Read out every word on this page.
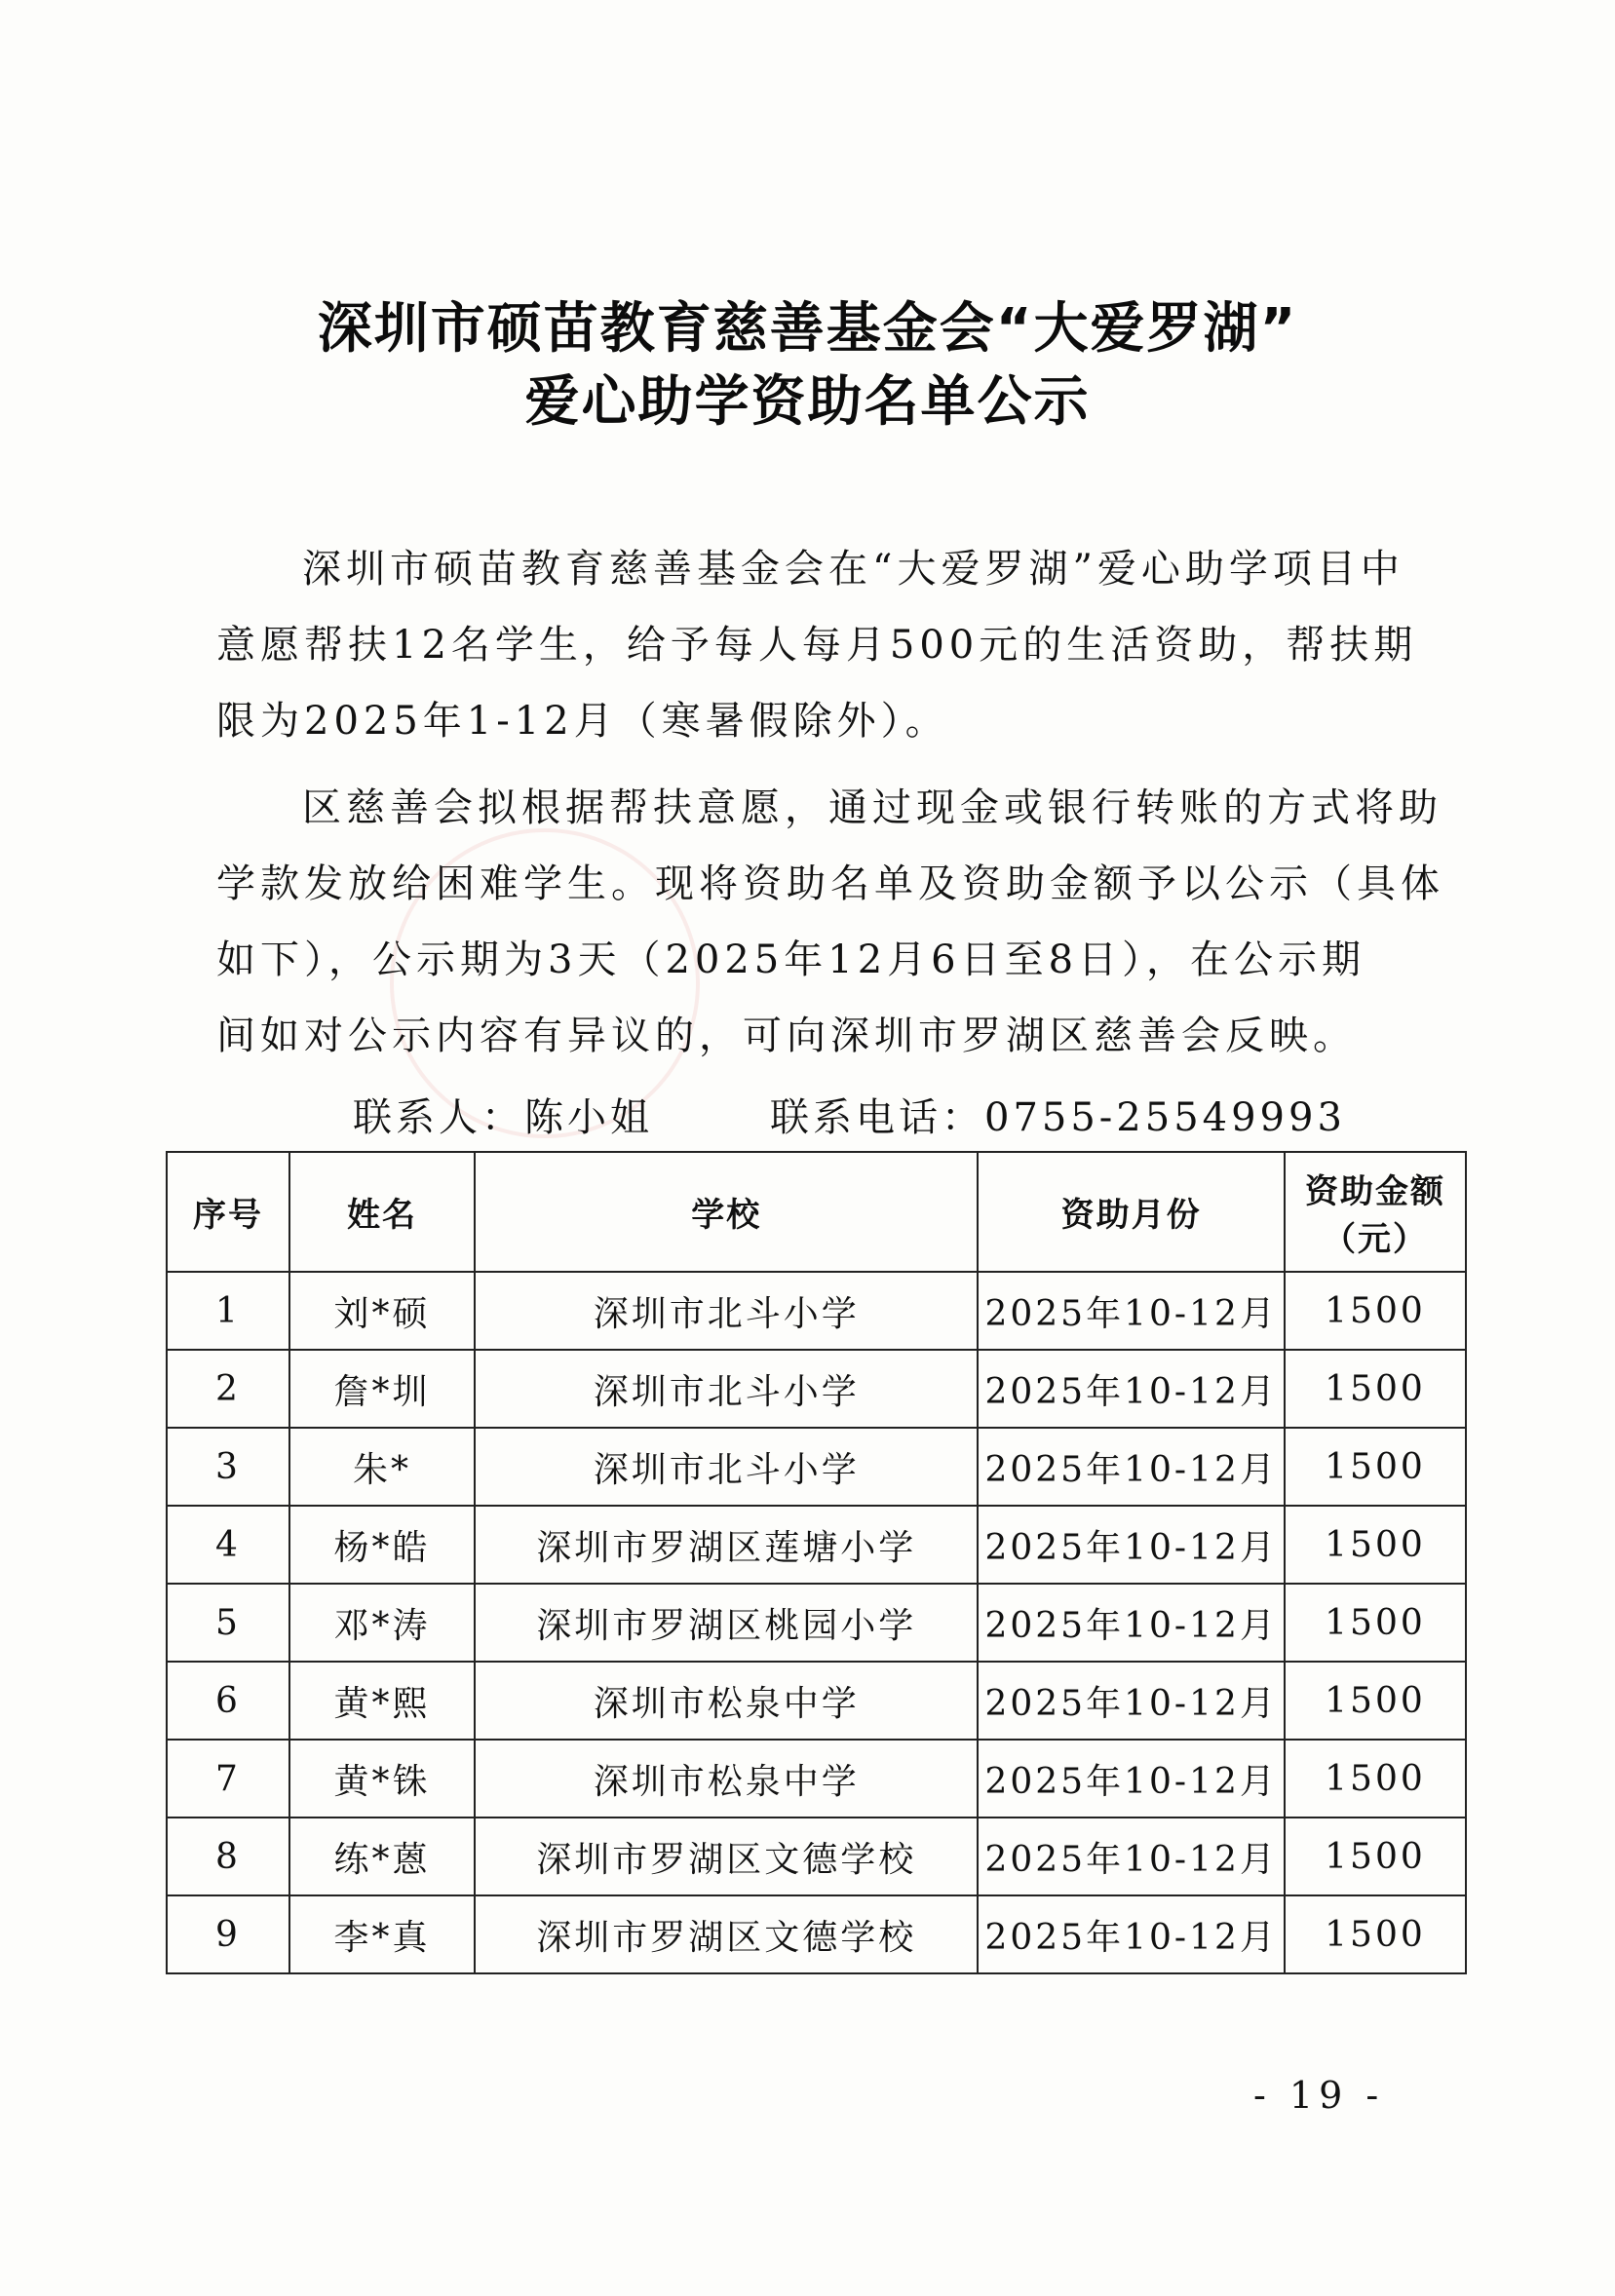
深圳市硕苗教育慈善基金会“大爱罗湖”
爱心助学资助名单公示
深圳市硕苗教育慈善基金会在“大爱罗湖”爱心助学项目中
意愿帮扶12名学生，给予每人每月500元的生活资助，帮扶期
限为2025年1-12月（寒暑假除外）。
区慈善会拟根据帮扶意愿，通过现金或银行转账的方式将助
学款发放给困难学生。现将资助名单及资助金额予以公示（具体
如下），公示期为3天（2025年12月6日至8日），在公示期
间如对公示内容有异议的，可向深圳市罗湖区慈善会反映。
联系人：陈小姐	联系电话：0755-25549993
序号	姓名	学校	资助月份	资助金额
（元）

1	刘*硕	深圳市北斗小学	2025年10-12月	1500
2	詹*圳	深圳市北斗小学	2025年10-12月	1500
3	朱*	深圳市北斗小学	2025年10-12月	1500
4	杨*皓	深圳市罗湖区莲塘小学	2025年10-12月	1500
5	邓*涛	深圳市罗湖区桃园小学	2025年10-12月	1500
6	黄*熙	深圳市松泉中学	2025年10-12月	1500
7	黄*铢	深圳市松泉中学	2025年10-12月	1500
8	练*蒽	深圳市罗湖区文德学校	2025年10-12月	1500
9	李*真	深圳市罗湖区文德学校	2025年10-12月	1500
- 19 -
